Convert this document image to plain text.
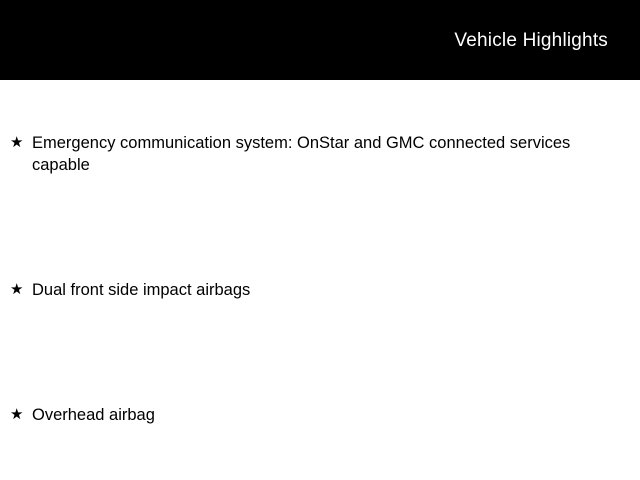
Vehicle Highlights
★ Emergency communication system: OnStar and GMC connected services capable
★ Dual front side impact airbags
★ Overhead airbag
